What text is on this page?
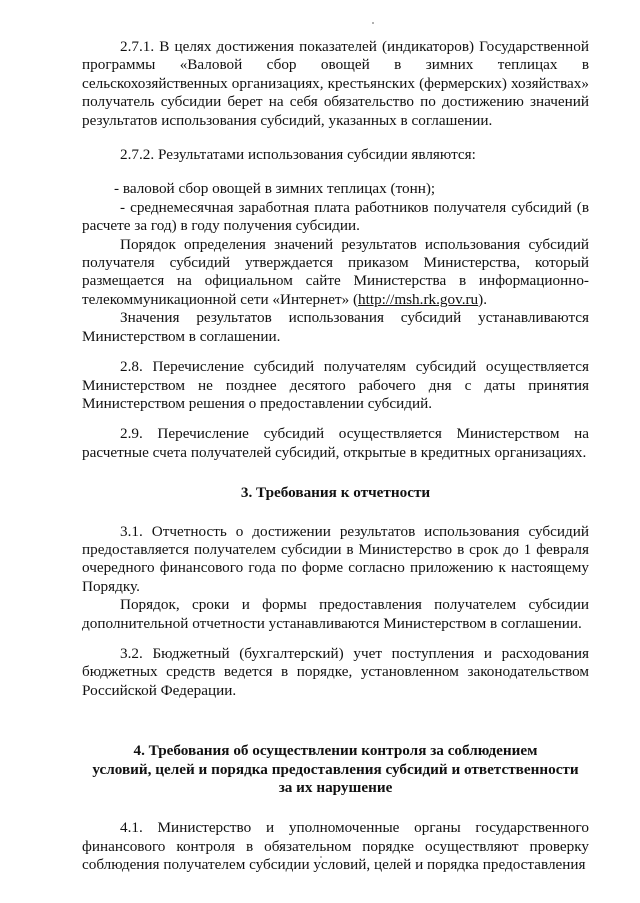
2.7.1. В целях достижения показателей (индикаторов) Государственной программы «Валовой сбор овощей в зимних теплицах в сельскохозяйственных организациях, крестьянских (фермерских) хозяйствах» получатель субсидии берет на себя обязательство по достижению значений результатов использования субсидий, указанных в соглашении.

2.7.2. Результатами использования субсидии являются:

- валовой сбор овощей в зимних теплицах (тонн);

- среднемесячная заработная плата работников получателя субсидий (в расчете за год) в году получения субсидии.

Порядок определения значений результатов использования субсидий получателя субсидий утверждается приказом Министерства, который размещается на официальном сайте Министерства в информационно-телекоммуникационной сети «Интернет» (http://msh.rk.gov.ru).

Значения результатов использования субсидий устанавливаются Министерством в соглашении.

2.8. Перечисление субсидий получателям субсидий осуществляется Министерством не позднее десятого рабочего дня с даты принятия Министерством решения о предоставлении субсидий.

2.9. Перечисление субсидий осуществляется Министерством на расчетные счета получателей субсидий, открытые в кредитных организациях.

3. Требования к отчетности

3.1. Отчетность о достижении результатов использования субсидий предоставляется получателем субсидии в Министерство в срок до 1 февраля очередного финансового года по форме согласно приложению к настоящему Порядку.

Порядок, сроки и формы предоставления получателем субсидии дополнительной отчетности устанавливаются Министерством в соглашении.

3.2. Бюджетный (бухгалтерский) учет поступления и расходования бюджетных средств ведется в порядке, установленном законодательством Российской Федерации.

4. Требования об осуществлении контроля за соблюдением
условий, целей и порядка предоставления субсидий и ответственности
за их нарушение

4.1. Министерство и уполномоченные органы государственного финансового контроля в обязательном порядке осуществляют проверку соблюдения получателем субсидии условий, целей и порядка предоставления
